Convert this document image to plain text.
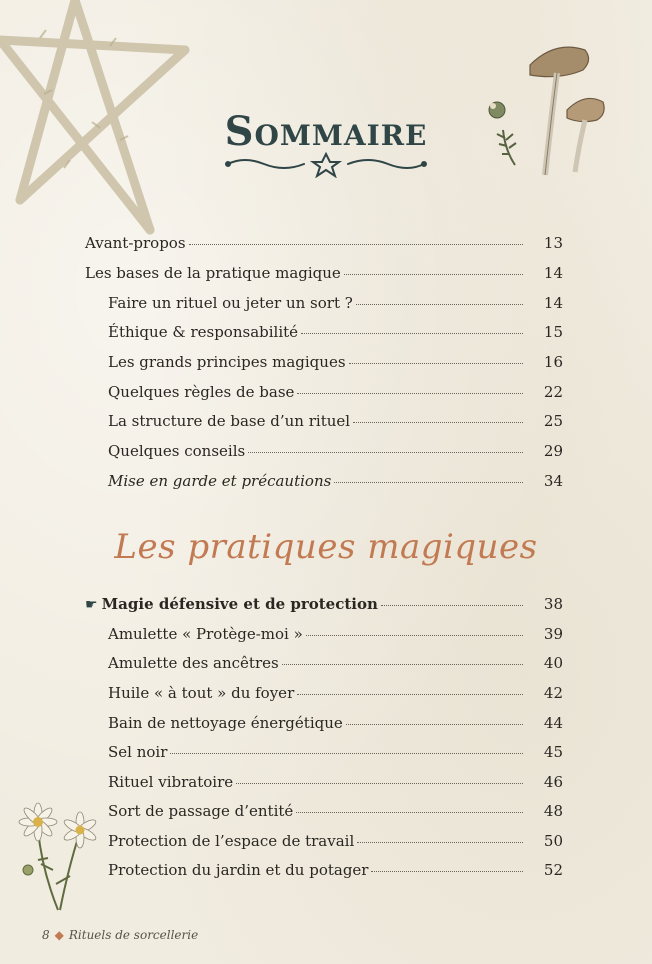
Sommaire
Avant-propos	13
Les bases de la pratique magique	14
Faire un rituel ou jeter un sort ?	14
Éthique & responsabilité	15
Les grands principes magiques	16
Quelques règles de base	22
La structure de base d’un rituel	25
Quelques conseils	29
Mise en garde et précautions	34
Les pratiques magiques
☛ Magie défensive et de protection	38
Amulette « Protège-moi »	39
Amulette des ancêtres	40
Huile « à tout » du foyer	42
Bain de nettoyage énergétique	44
Sel noir	45
Rituel vibratoire	46
Sort de passage d’entité	48
Protection de l’espace de travail	50
Protection du jardin et du potager	52
8 ◆ Rituels de sorcellerie
